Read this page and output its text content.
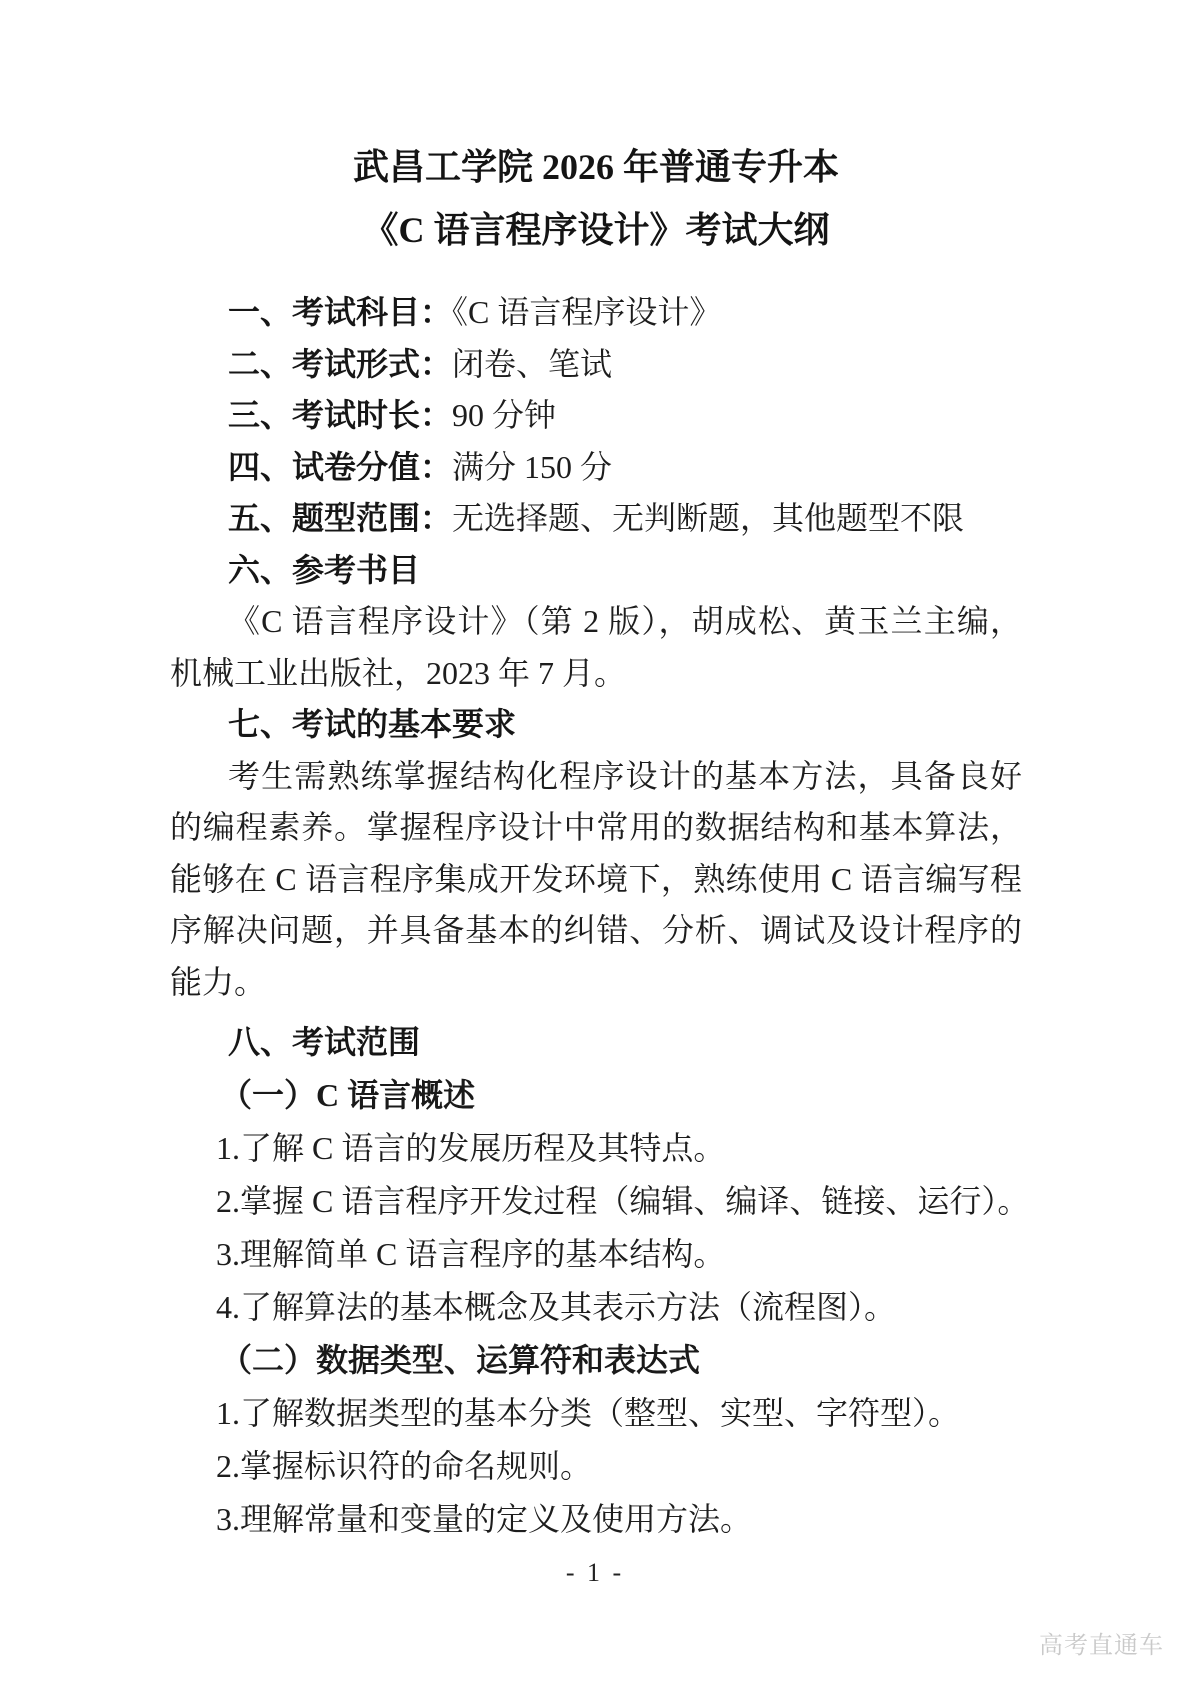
武昌工学院 2026 年普通专升本
《C 语言程序设计》考试大纲
一、考试科目：《C 语言程序设计》
二、考试形式：闭卷、笔试
三、考试时长：90 分钟
四、试卷分值：满分 150 分
五、题型范围：无选择题、无判断题，其他题型不限
六、参考书目
《C 语言程序设计》（第 2 版），胡成松、黄玉兰主编，
机械工业出版社，2023 年 7 月。
七、考试的基本要求
考生需熟练掌握结构化程序设计的基本方法，具备良好
的编程素养。掌握程序设计中常用的数据结构和基本算法，
能够在 C 语言程序集成开发环境下，熟练使用 C 语言编写程
序解决问题，并具备基本的纠错、分析、调试及设计程序的
能力。
八、考试范围
（一）C 语言概述
1.了解 C 语言的发展历程及其特点。
2.掌握 C 语言程序开发过程（编辑、编译、链接、运行）。
3.理解简单 C 语言程序的基本结构。
4.了解算法的基本概念及其表示方法（流程图）。
（二）数据类型、运算符和表达式
1.了解数据类型的基本分类（整型、实型、字符型）。
2.掌握标识符的命名规则。
3.理解常量和变量的定义及使用方法。
- 1 -
高考直通车
